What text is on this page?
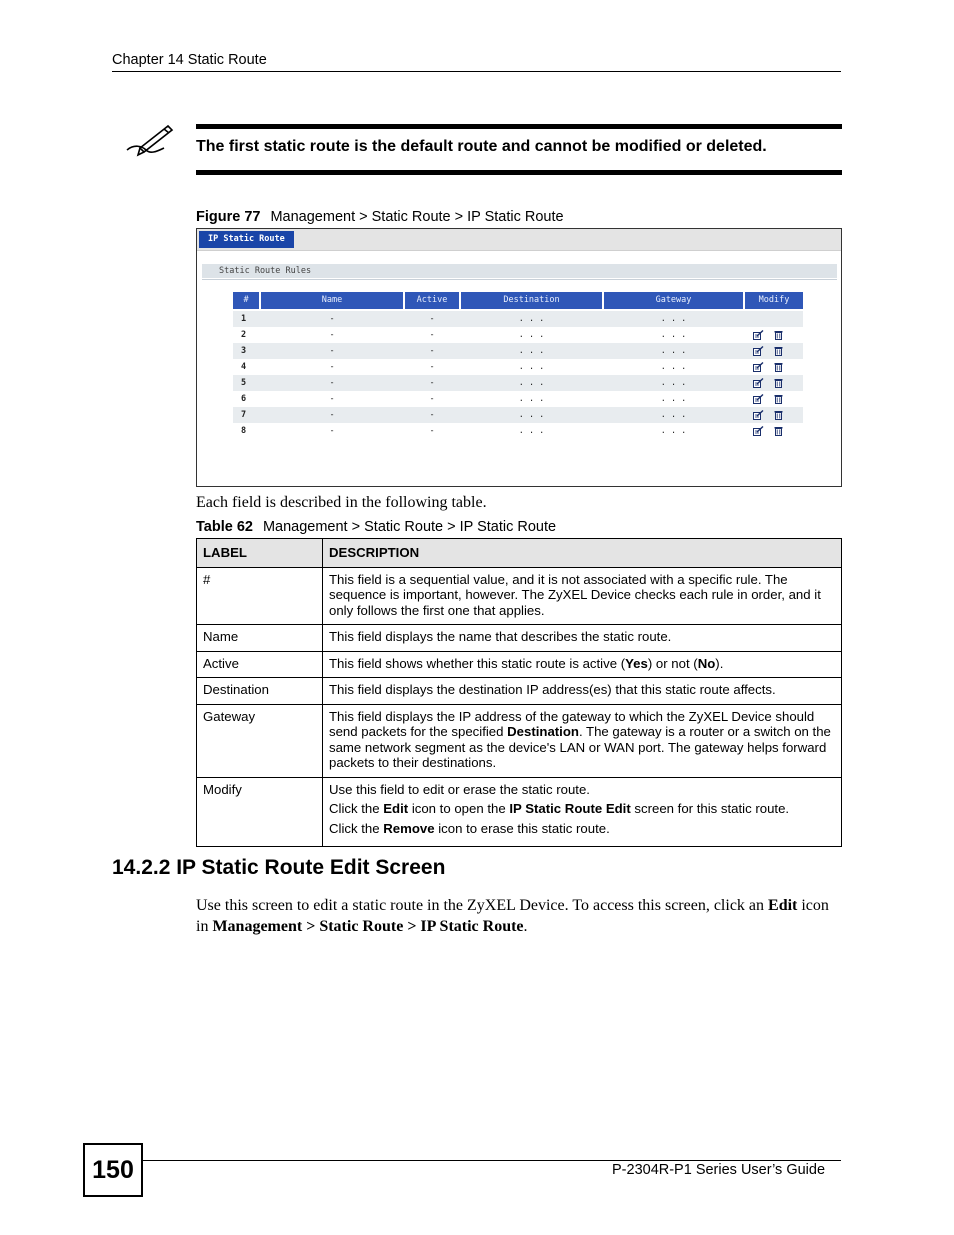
Chapter 14 Static Route
The first static route is the default route and cannot be modified or deleted.
Figure 77 Management > Static Route > IP Static Route
IP Static Route
Static Route Rules
#	Name	Active	Destination	Gateway	Modify
1	-	-	. . .	. . .
2	-	-	. . .	. . .
3	-	-	. . .	. . .
4	-	-	. . .	. . .
5	-	-	. . .	. . .
6	-	-	. . .	. . .
7	-	-	. . .	. . .
8	-	-	. . .	. . .
Each field is described in the following table.
Table 62 Management > Static Route > IP Static Route
LABEL	DESCRIPTION
#	This field is a sequential value, and it is not associated with a specific rule. The sequence is important, however. The ZyXEL Device checks each rule in order, and it only follows the first one that applies.
Name	This field displays the name that describes the static route.
Active	This field shows whether this static route is active (Yes) or not (No).
Destination	This field displays the destination IP address(es) that this static route affects.
Gateway	This field displays the IP address of the gateway to which the ZyXEL Device should send packets for the specified Destination. The gateway is a router or a switch on the same network segment as the device's LAN or WAN port. The gateway helps forward packets to their destinations.
Modify	Use this field to edit or erase the static route.
Click the Edit icon to open the IP Static Route Edit screen for this static route.
Click the Remove icon to erase this static route.
14.2.2 IP Static Route Edit Screen
Use this screen to edit a static route in the ZyXEL Device. To access this screen, click an Edit icon in Management > Static Route > IP Static Route.
150	P-2304R-P1 Series User’s Guide
